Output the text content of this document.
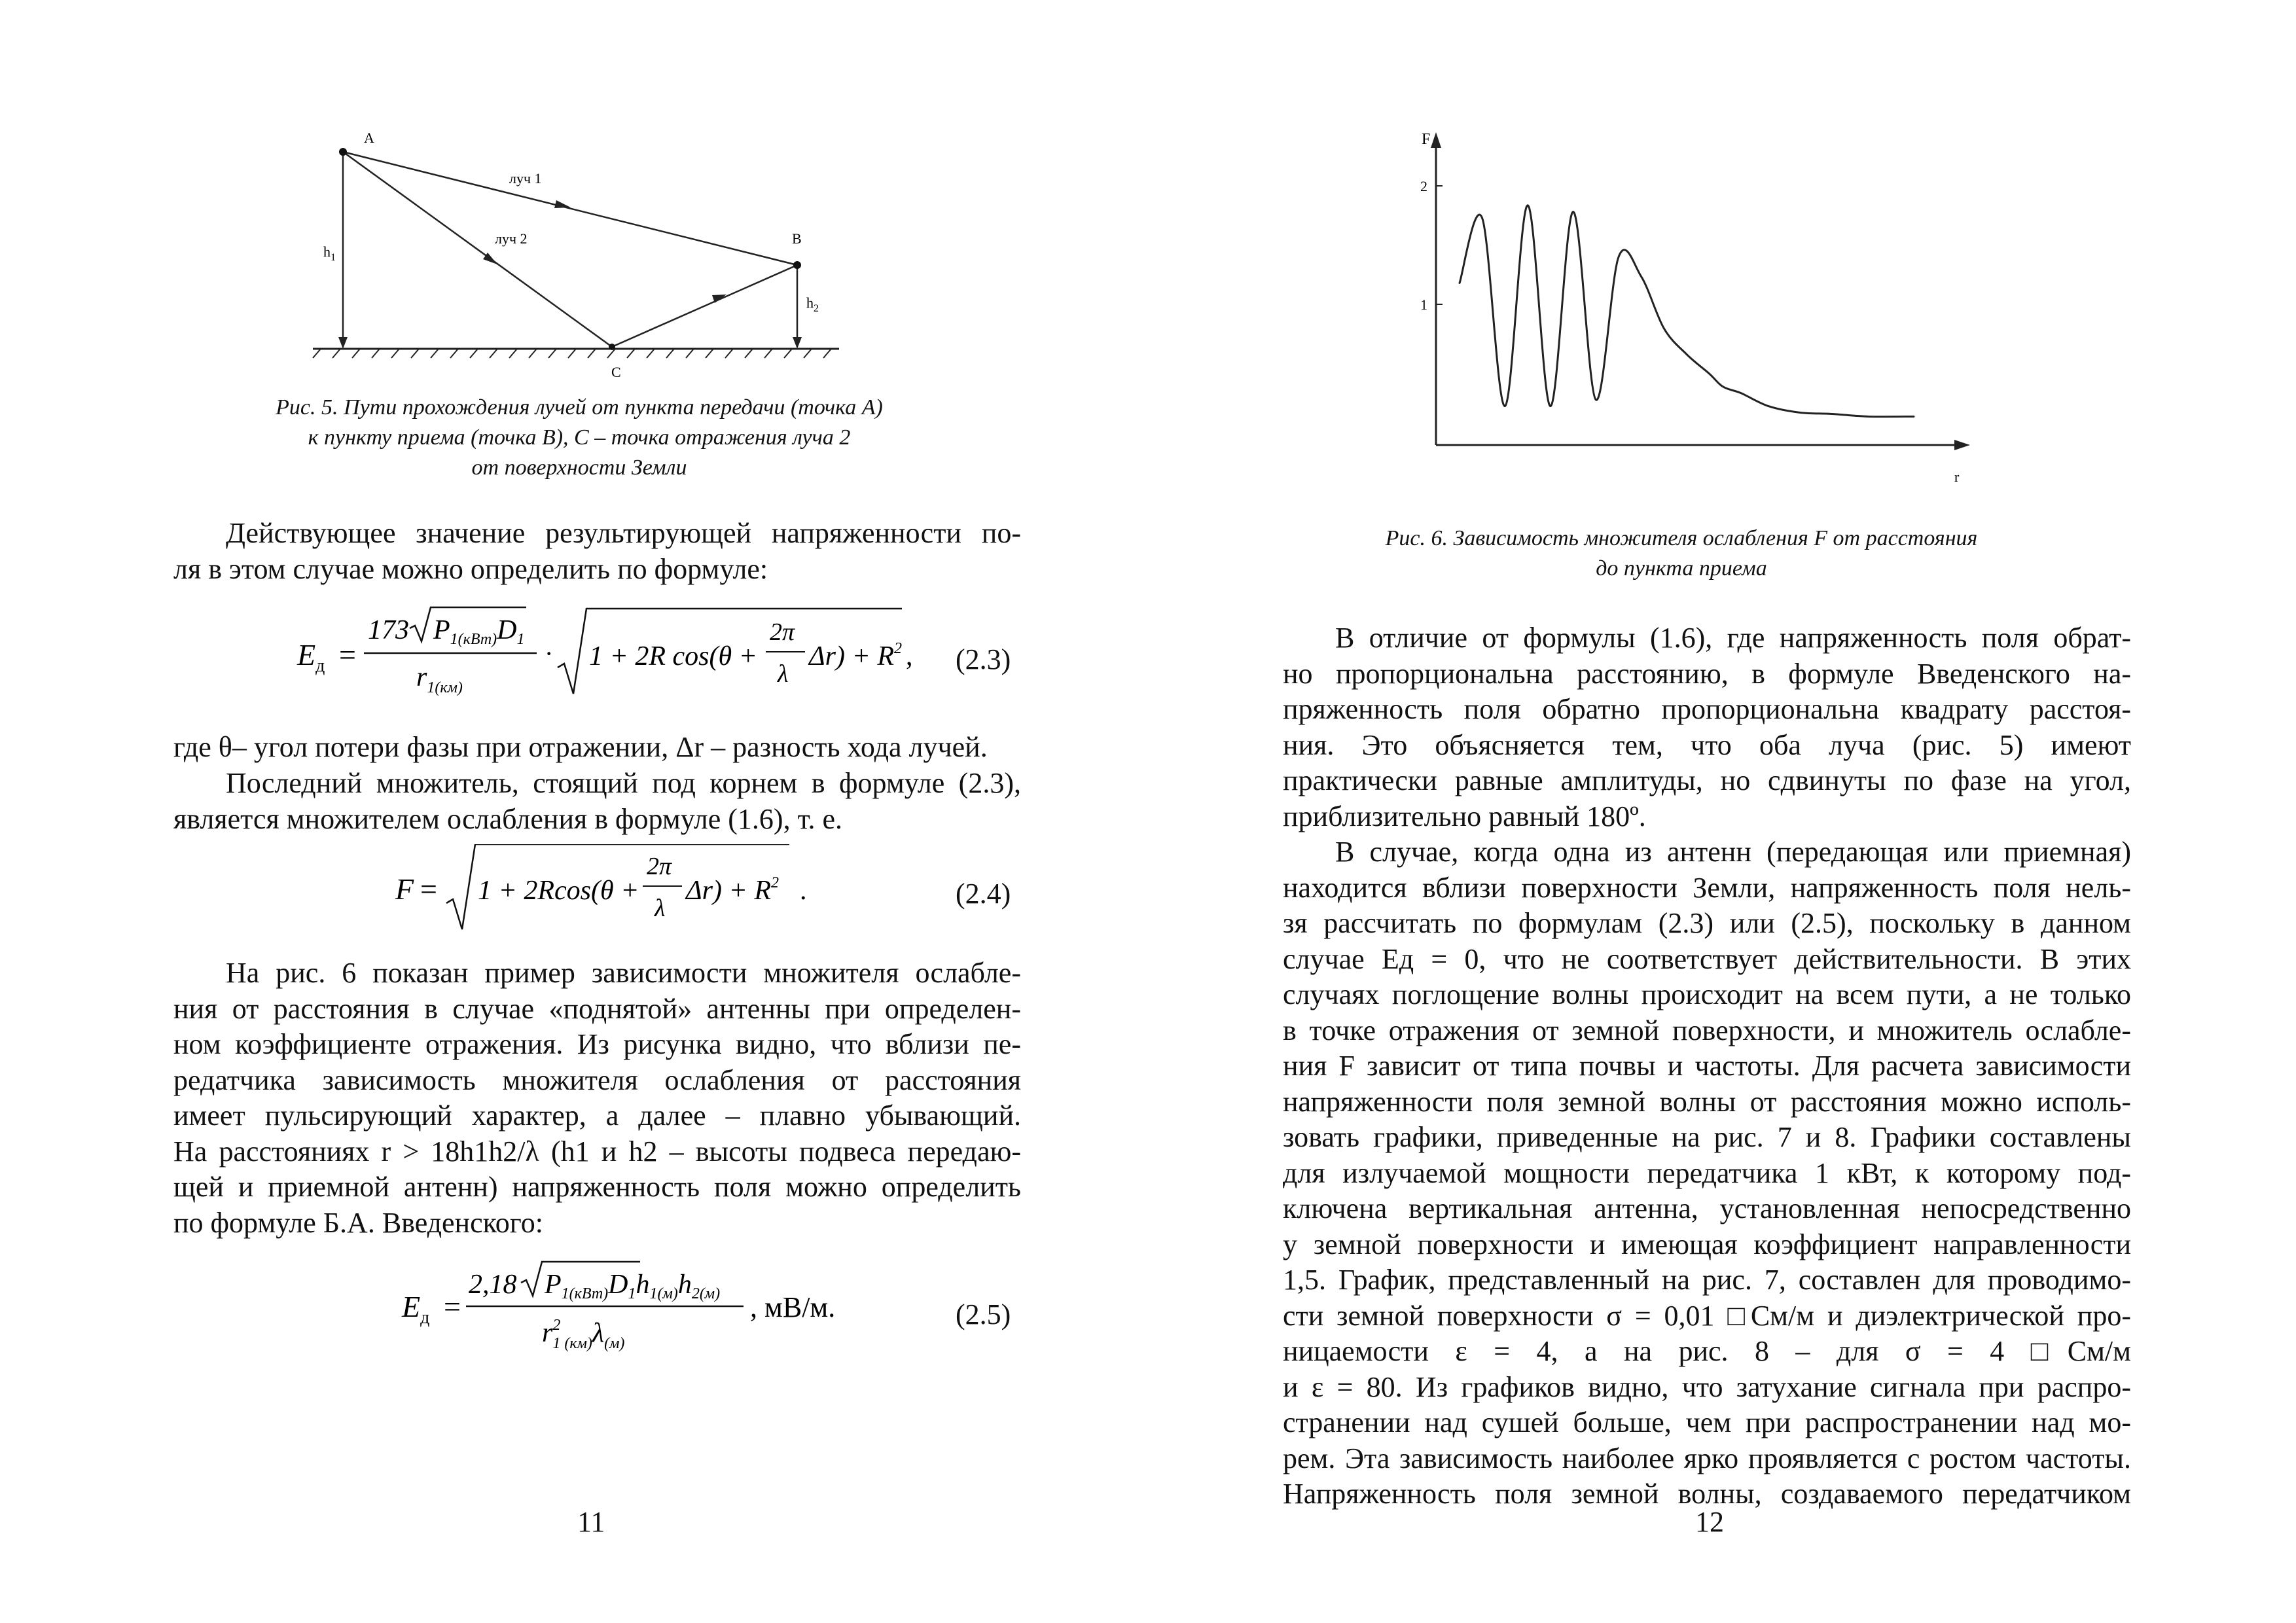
A
B
C
луч 1
луч 2
$h_1$
$h_2$
Рис. 5. Пути прохождения лучей от пункта передачи (точка А)
к пункту приема (точка В), С – точка отражения луча 2
от поверхности Земли
Действующее значение результирующей напряженности по-
ля в этом случае можно определить по формуле:
$E_д$ =
173 P1(кВт)D1
$r_{1(км)}$
· 1 + 2R cos(θ +
2π
λ
$\Delta r) + R^2$ , (2.3)
где θ– угол потери фазы при отражении, Δr – разность хода лучей.
Последний множитель, стоящий под корнем в формуле (2.3),
является множителем ослабления в формуле (1.6), т. е.
F = 1 + 2Rcos(θ +
2π
λ
$\Delta r) + R^2$ .	(2.4)
На рис. 6 показан пример зависимости множителя ослабле-
ния от расстояния в случае «поднятой» антенны при определен-
ном коэффициенте отражения. Из рисунка видно, что вблизи пе-
редатчика зависимость множителя ослабления от расстояния
имеет пульсирующий характер, а далее – плавно убывающий.
На расстояниях r > 18h1h2/λ (h1 и h2 – высоты подвеса передаю-
щей и приемной антенн) напряженность поля можно определить
по формуле Б.А. Введенского:
$E_д$ =
2,18 P1(кВт)D1h1(м)h2(м)
$r^2$ 1 $(км)\lambda_{(м)}$
, мВ/м.	(2.5)
11
2
1
F
r
Рис. 6. Зависимость множителя ослабления F от расстояния
до пункта приема
В отличие от формулы (1.6), где напряженность поля обрат-
но пропорциональна расстоянию, в формуле Введенского на-
пряженность поля обратно пропорциональна квадрату расстоя-
ния. Это объясняется тем, что оба луча (рис. 5) имеют
практически равные амплитуды, но сдвинуты по фазе на угол,
приблизительно равный 180º.
В случае, когда одна из антенн (передающая или приемная)
находится вблизи поверхности Земли, напряженность поля нель-
зя рассчитать по формулам (2.3) или (2.5), поскольку в данном
случае Eд = 0, что не соответствует действительности. В этих
случаях поглощение волны происходит на всем пути, а не только
в точке отражения от земной поверхности, и множитель ослабле-
ния F зависит от типа почвы и частоты. Для расчета зависимости
напряженности поля земной волны от расстояния можно исполь-
зовать графики, приведенные на рис. 7 и 8. Графики составлены
для излучаемой мощности передатчика 1 кВт, к которому под-
ключена вертикальная антенна, установленная непосредственно
у земной поверхности и имеющая коэффициент направленности
1,5. График, представленный на рис. 7, составлен для проводимо-
сти земной поверхности σ = 0,01 □См/м и диэлектрической про-
ницаемости ε = 4, а на рис. 8 – для σ = 4 □См/м
и ε = 80. Из графиков видно, что затухание сигнала при распро-
странении над сушей больше, чем при распространении над мо-
рем. Эта зависимость наиболее ярко проявляется с ростом частоты.
Напряженность поля земной волны, создаваемого передатчиком
12
